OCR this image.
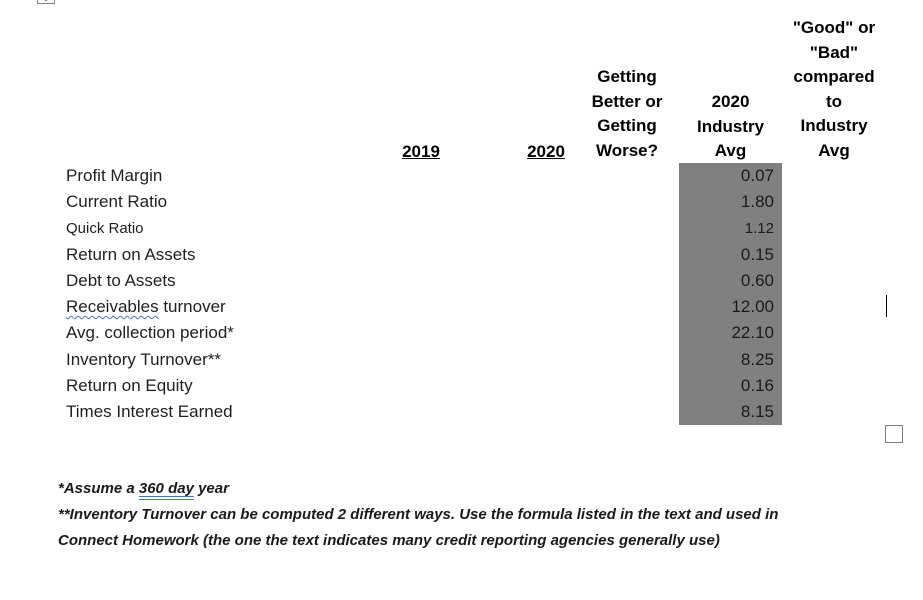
2019	2020
Getting
Better or
Getting
Worse?
2020
Industry
Avg
"Good" or
"Bad"
compared
to
Industry
Avg
Profit Margin
Current Ratio
Quick Ratio
Return on Assets
Debt to Assets
Receivables turnover
Avg. collection period*
Inventory Turnover**
Return on Equity
Times Interest Earned
0.07
1.80
1.12
0.15
0.60
12.00
22.10
8.25
0.16
8.15
*Assume a 360 day year
**Inventory Turnover can be computed 2 different ways. Use the formula listed in the text and used in
Connect Homework (the one the text indicates many credit reporting agencies generally use)
